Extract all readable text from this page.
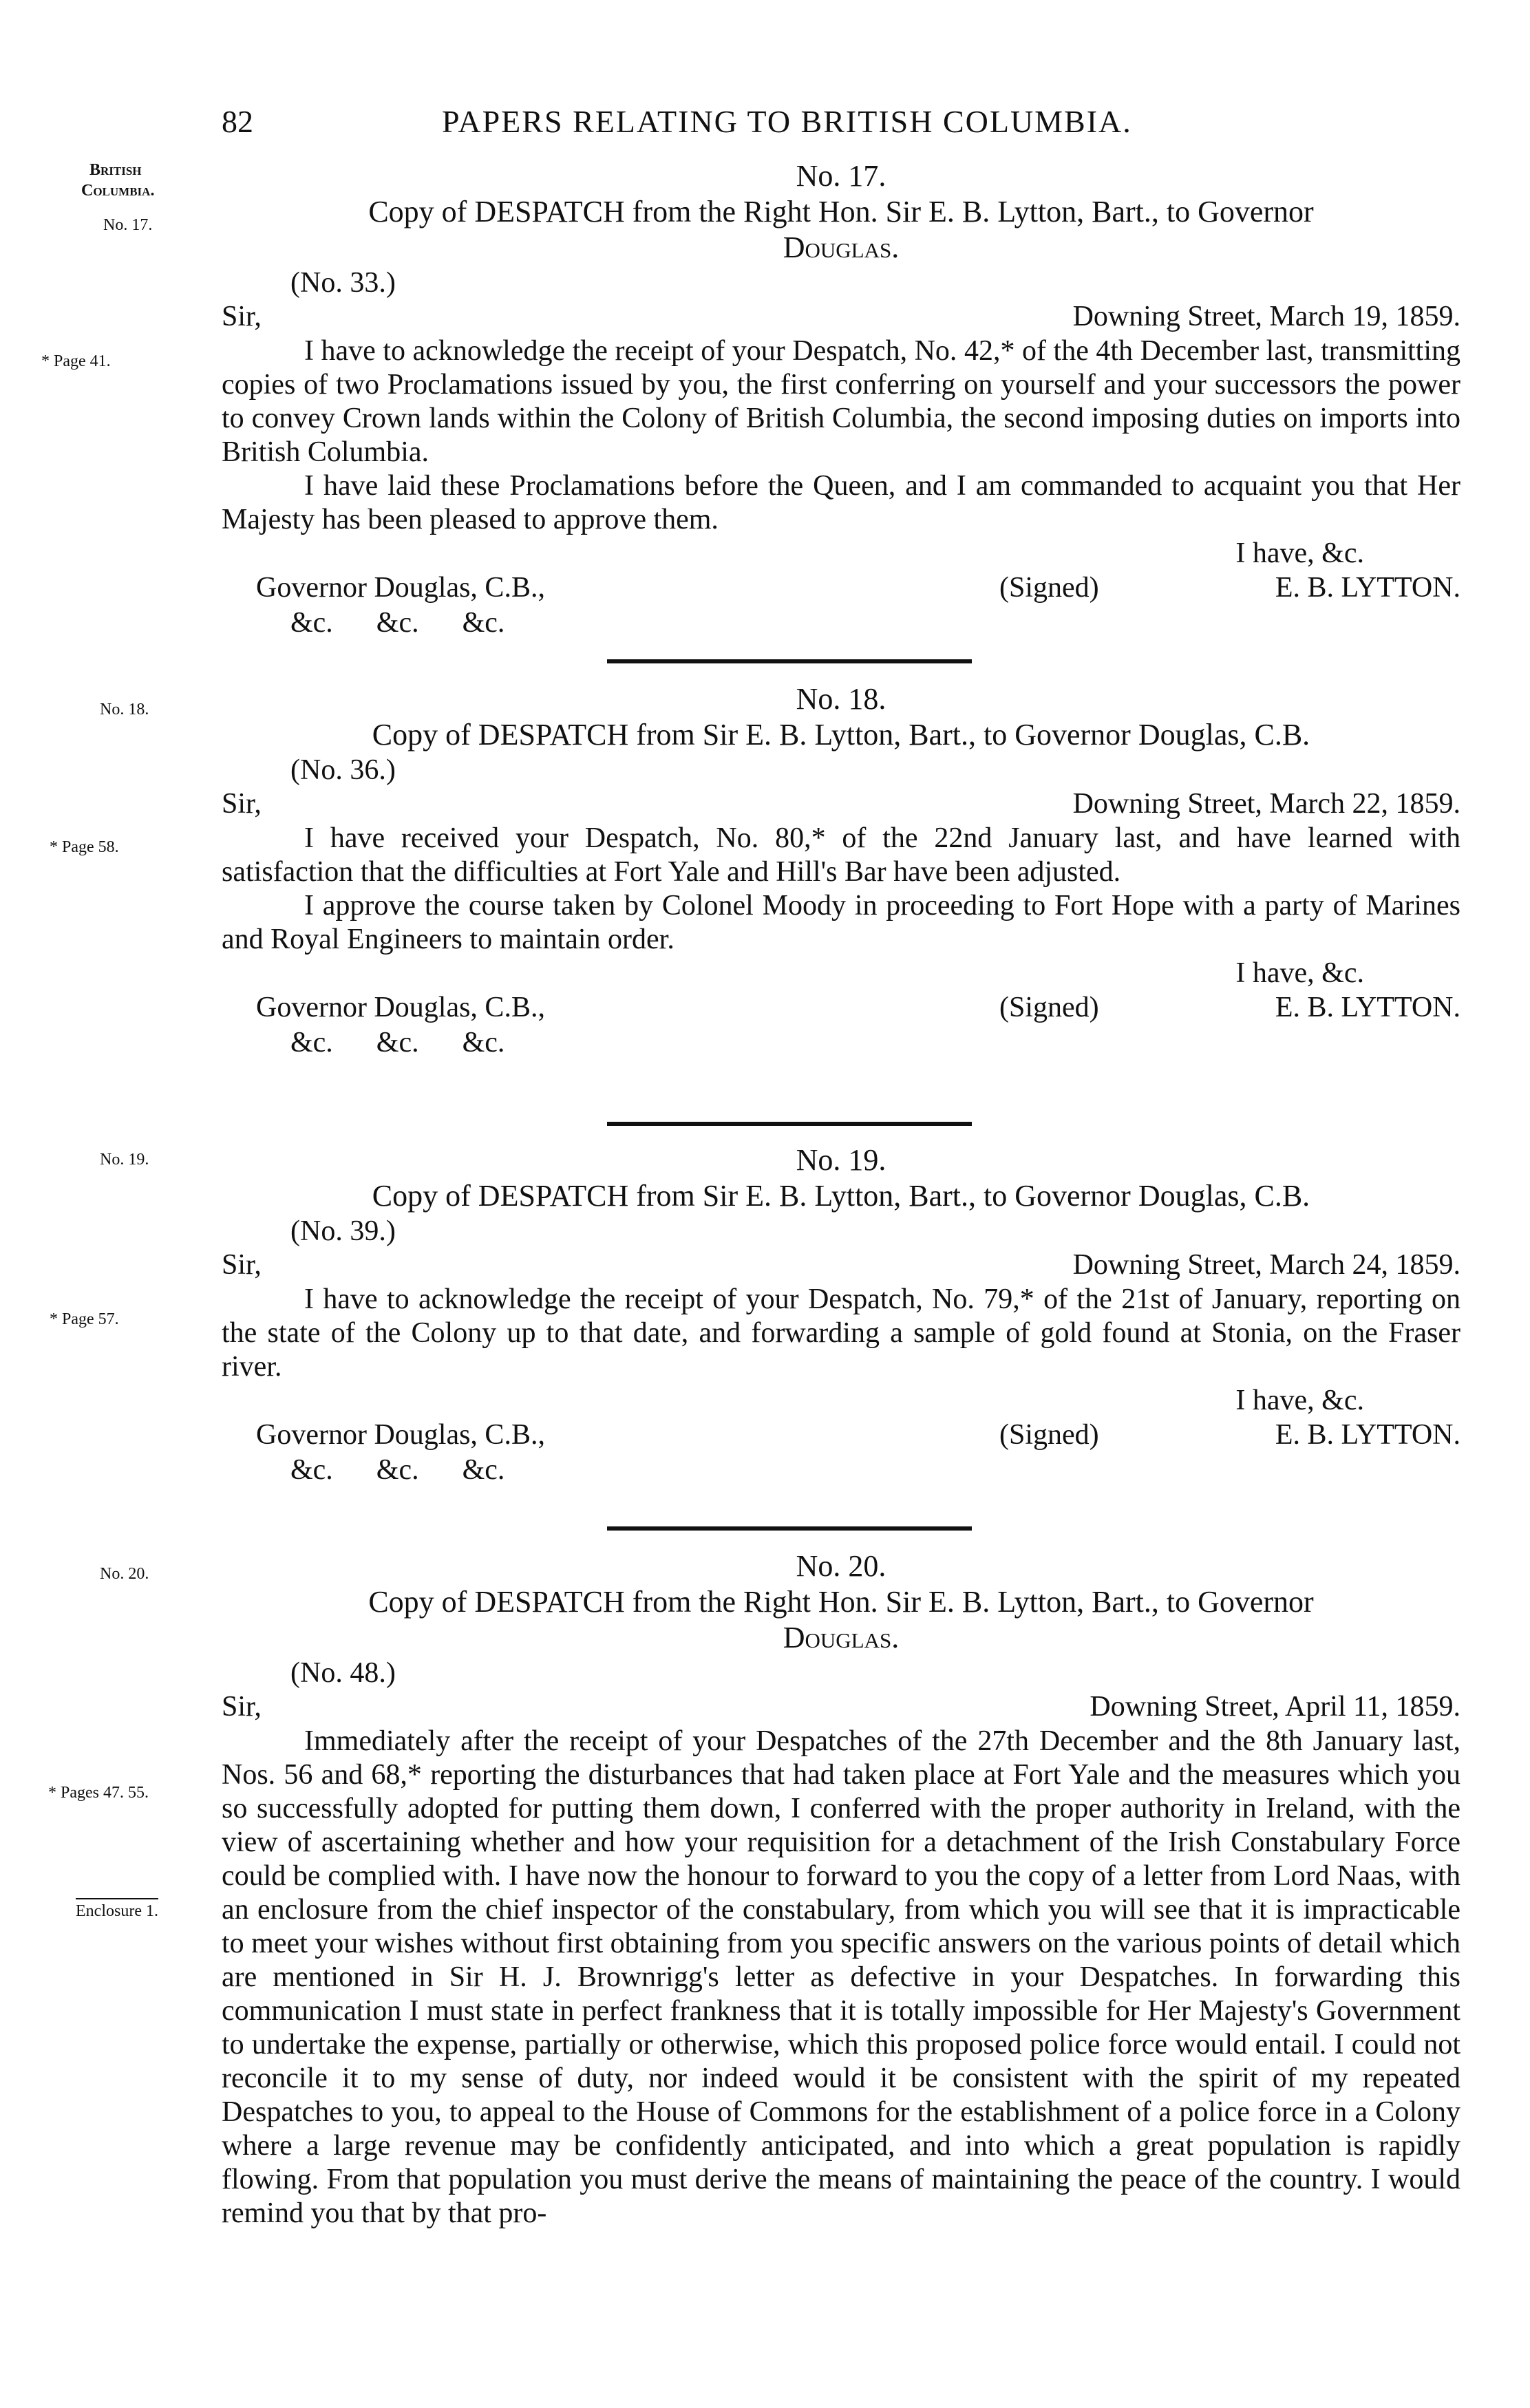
82	PAPERS RELATING TO BRITISH COLUMBIA.
British
Columbia.
No. 17.
* Page 41.
No. 18.
* Page 58.
No. 19.
* Page 57.
No. 20.
* Pages 47. 55.
Enclosure 1.

No. 17.

Copy of DESPATCH from the Right Hon. Sir E. B. Lytton, Bart., to Governor

Douglas.

(No. 33.)

Sir,	Downing Street, March 19, 1859.

I have to acknowledge the receipt of your Despatch, No. 42,* of the 4th December last, transmitting copies of two Proclamations issued by you, the first conferring on yourself and your successors the power to convey Crown lands within the Colony of British Columbia, the second imposing duties on imports into British Columbia.

I have laid these Proclamations before the Queen, and I am commanded to acquaint you that Her Majesty has been pleased to approve them.

I have, &c.
Governor Douglas, C.B.,	(Signed)	E. B. LYTTON.
&c.      &c.      &c.

No. 18.

Copy of DESPATCH from Sir E. B. Lytton, Bart., to Governor Douglas, C.B.

(No. 36.)

Sir,	Downing Street, March 22, 1859.

I have received your Despatch, No. 80,* of the 22nd January last, and have learned with satisfaction that the difficulties at Fort Yale and Hill's Bar have been adjusted.

I approve the course taken by Colonel Moody in proceeding to Fort Hope with a party of Marines and Royal Engineers to maintain order.

I have, &c.
Governor Douglas, C.B.,	(Signed)	E. B. LYTTON.
&c.      &c.      &c.

No. 19.

Copy of DESPATCH from Sir E. B. Lytton, Bart., to Governor Douglas, C.B.

(No. 39.)

Sir,	Downing Street, March 24, 1859.

I have to acknowledge the receipt of your Despatch, No. 79,* of the 21st of January, reporting on the state of the Colony up to that date, and forwarding a sample of gold found at Stonia, on the Fraser river.

I have, &c.
Governor Douglas, C.B.,	(Signed)	E. B. LYTTON.
&c.      &c.      &c.

No. 20.

Copy of DESPATCH from the Right Hon. Sir E. B. Lytton, Bart., to Governor

Douglas.

(No. 48.)

Sir,	Downing Street, April 11, 1859.

Immediately after the receipt of your Despatches of the 27th December and the 8th January last, Nos. 56 and 68,* reporting the disturbances that had taken place at Fort Yale and the measures which you so successfully adopted for putting them down, I conferred with the proper authority in Ireland, with the view of ascertaining whether and how your requisition for a detachment of the Irish Constabulary Force could be complied with. I have now the honour to forward to you the copy of a letter from Lord Naas, with an enclosure from the chief inspector of the constabulary, from which you will see that it is impracticable to meet your wishes without first obtaining from you specific answers on the various points of detail which are mentioned in Sir H. J. Brownrigg's letter as defective in your Despatches. In forwarding this communication I must state in perfect frankness that it is totally impossible for Her Majesty's Government to undertake the expense, partially or otherwise, which this proposed police force would entail. I could not reconcile it to my sense of duty, nor indeed would it be consistent with the spirit of my repeated Despatches to you, to appeal to the House of Commons for the establishment of a police force in a Colony where a large revenue may be confidently anticipated, and into which a great population is rapidly flowing. From that population you must derive the means of maintaining the peace of the country. I would remind you that by that pro-
